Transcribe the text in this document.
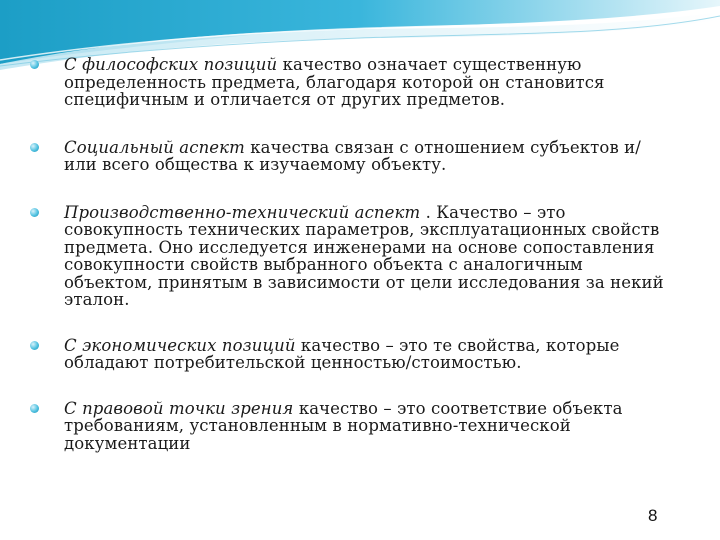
С философских позиций качество означает существенную определенность предмета, благодаря которой он становится специфичным и отличается от других предметов.
Социальный аспект качества связан с отношением субъектов и/или всего общества к изучаемому объекту.
Производственно-технический аспект . Качество – это совокупность технических параметров, эксплуатационных свойств предмета. Оно исследуется инженерами на основе сопоставления совокупности свойств выбранного объекта с аналогичным объектом, принятым в зависимости от цели исследования за некий эталон.
С экономических позиций качество – это те свойства, которые обладают потребительской ценностью/стоимостью.
С правовой точки зрения качество – это соответствие объекта требованиям, установленным в нормативно-технической документации
8
